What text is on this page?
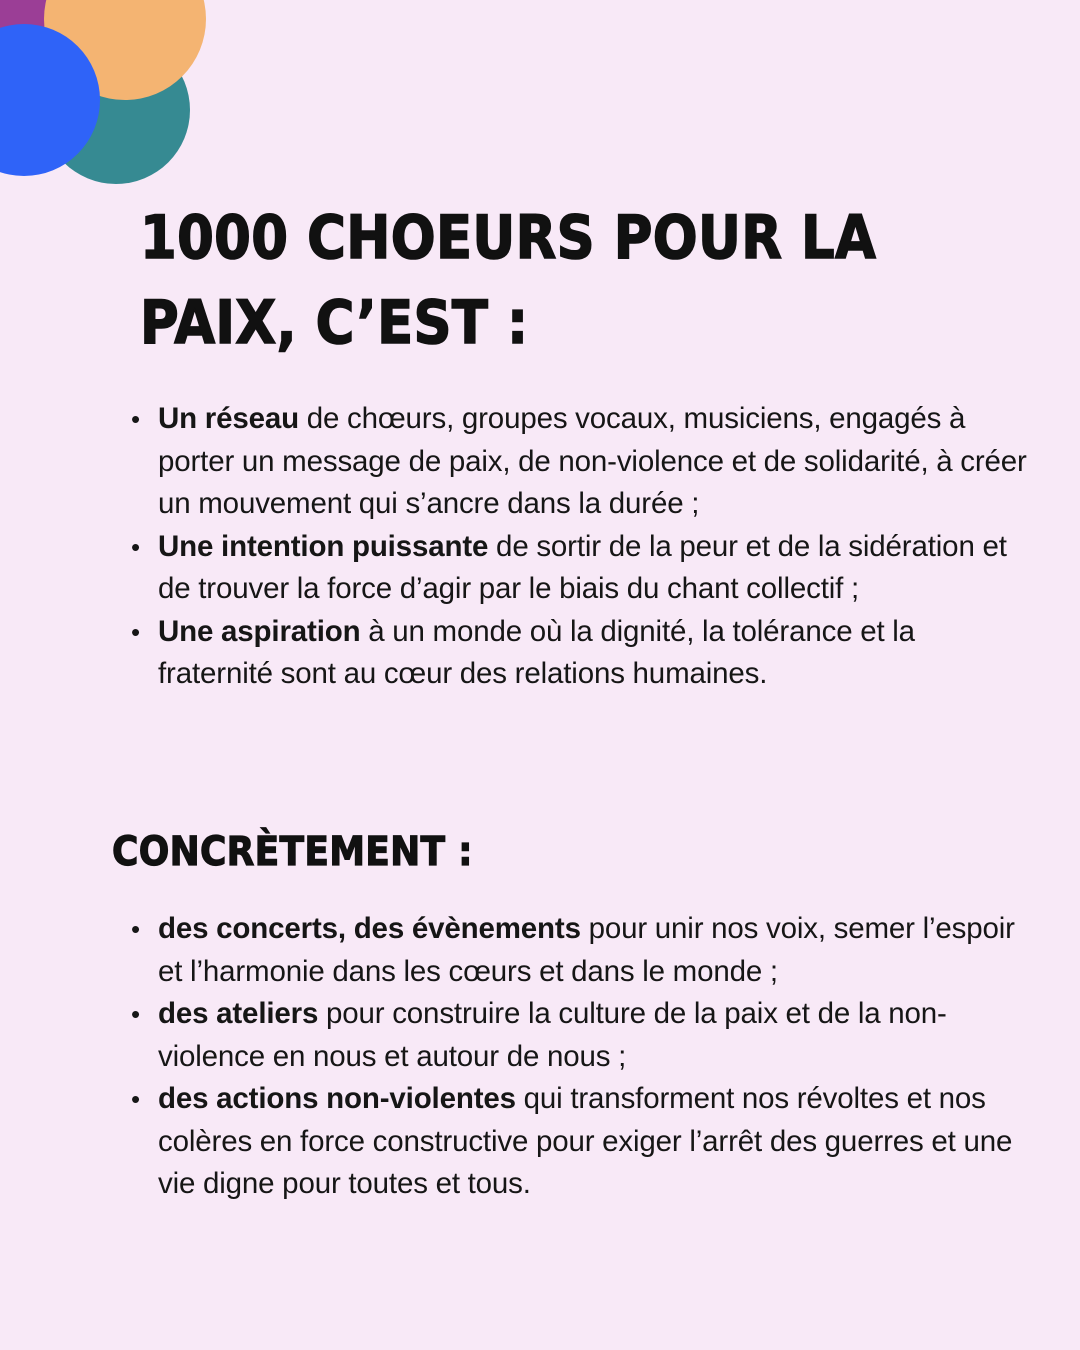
1000 CHOEURS POUR LA PAIX, C’EST :
• Un réseau de chœurs, groupes vocaux, musiciens, engagés à porter un message de paix, de non-violence et de solidarité, à créer un mouvement qui s’ancre dans la durée ;
• Une intention puissante de sortir de la peur et de la sidération et de trouver la force d’agir par le biais du chant collectif ;
• Une aspiration à un monde où la dignité, la tolérance et la fraternité sont au cœur des relations humaines.
CONCRÈTEMENT :
• des concerts, des évènements pour unir nos voix, semer l’espoir et l’harmonie dans les cœurs et dans le monde ;
• des ateliers pour construire la culture de la paix et de la non-violence en nous et autour de nous ;
• des actions non-violentes qui transforment nos révoltes et nos colères en force constructive pour exiger l’arrêt des guerres et une vie digne pour toutes et tous.
